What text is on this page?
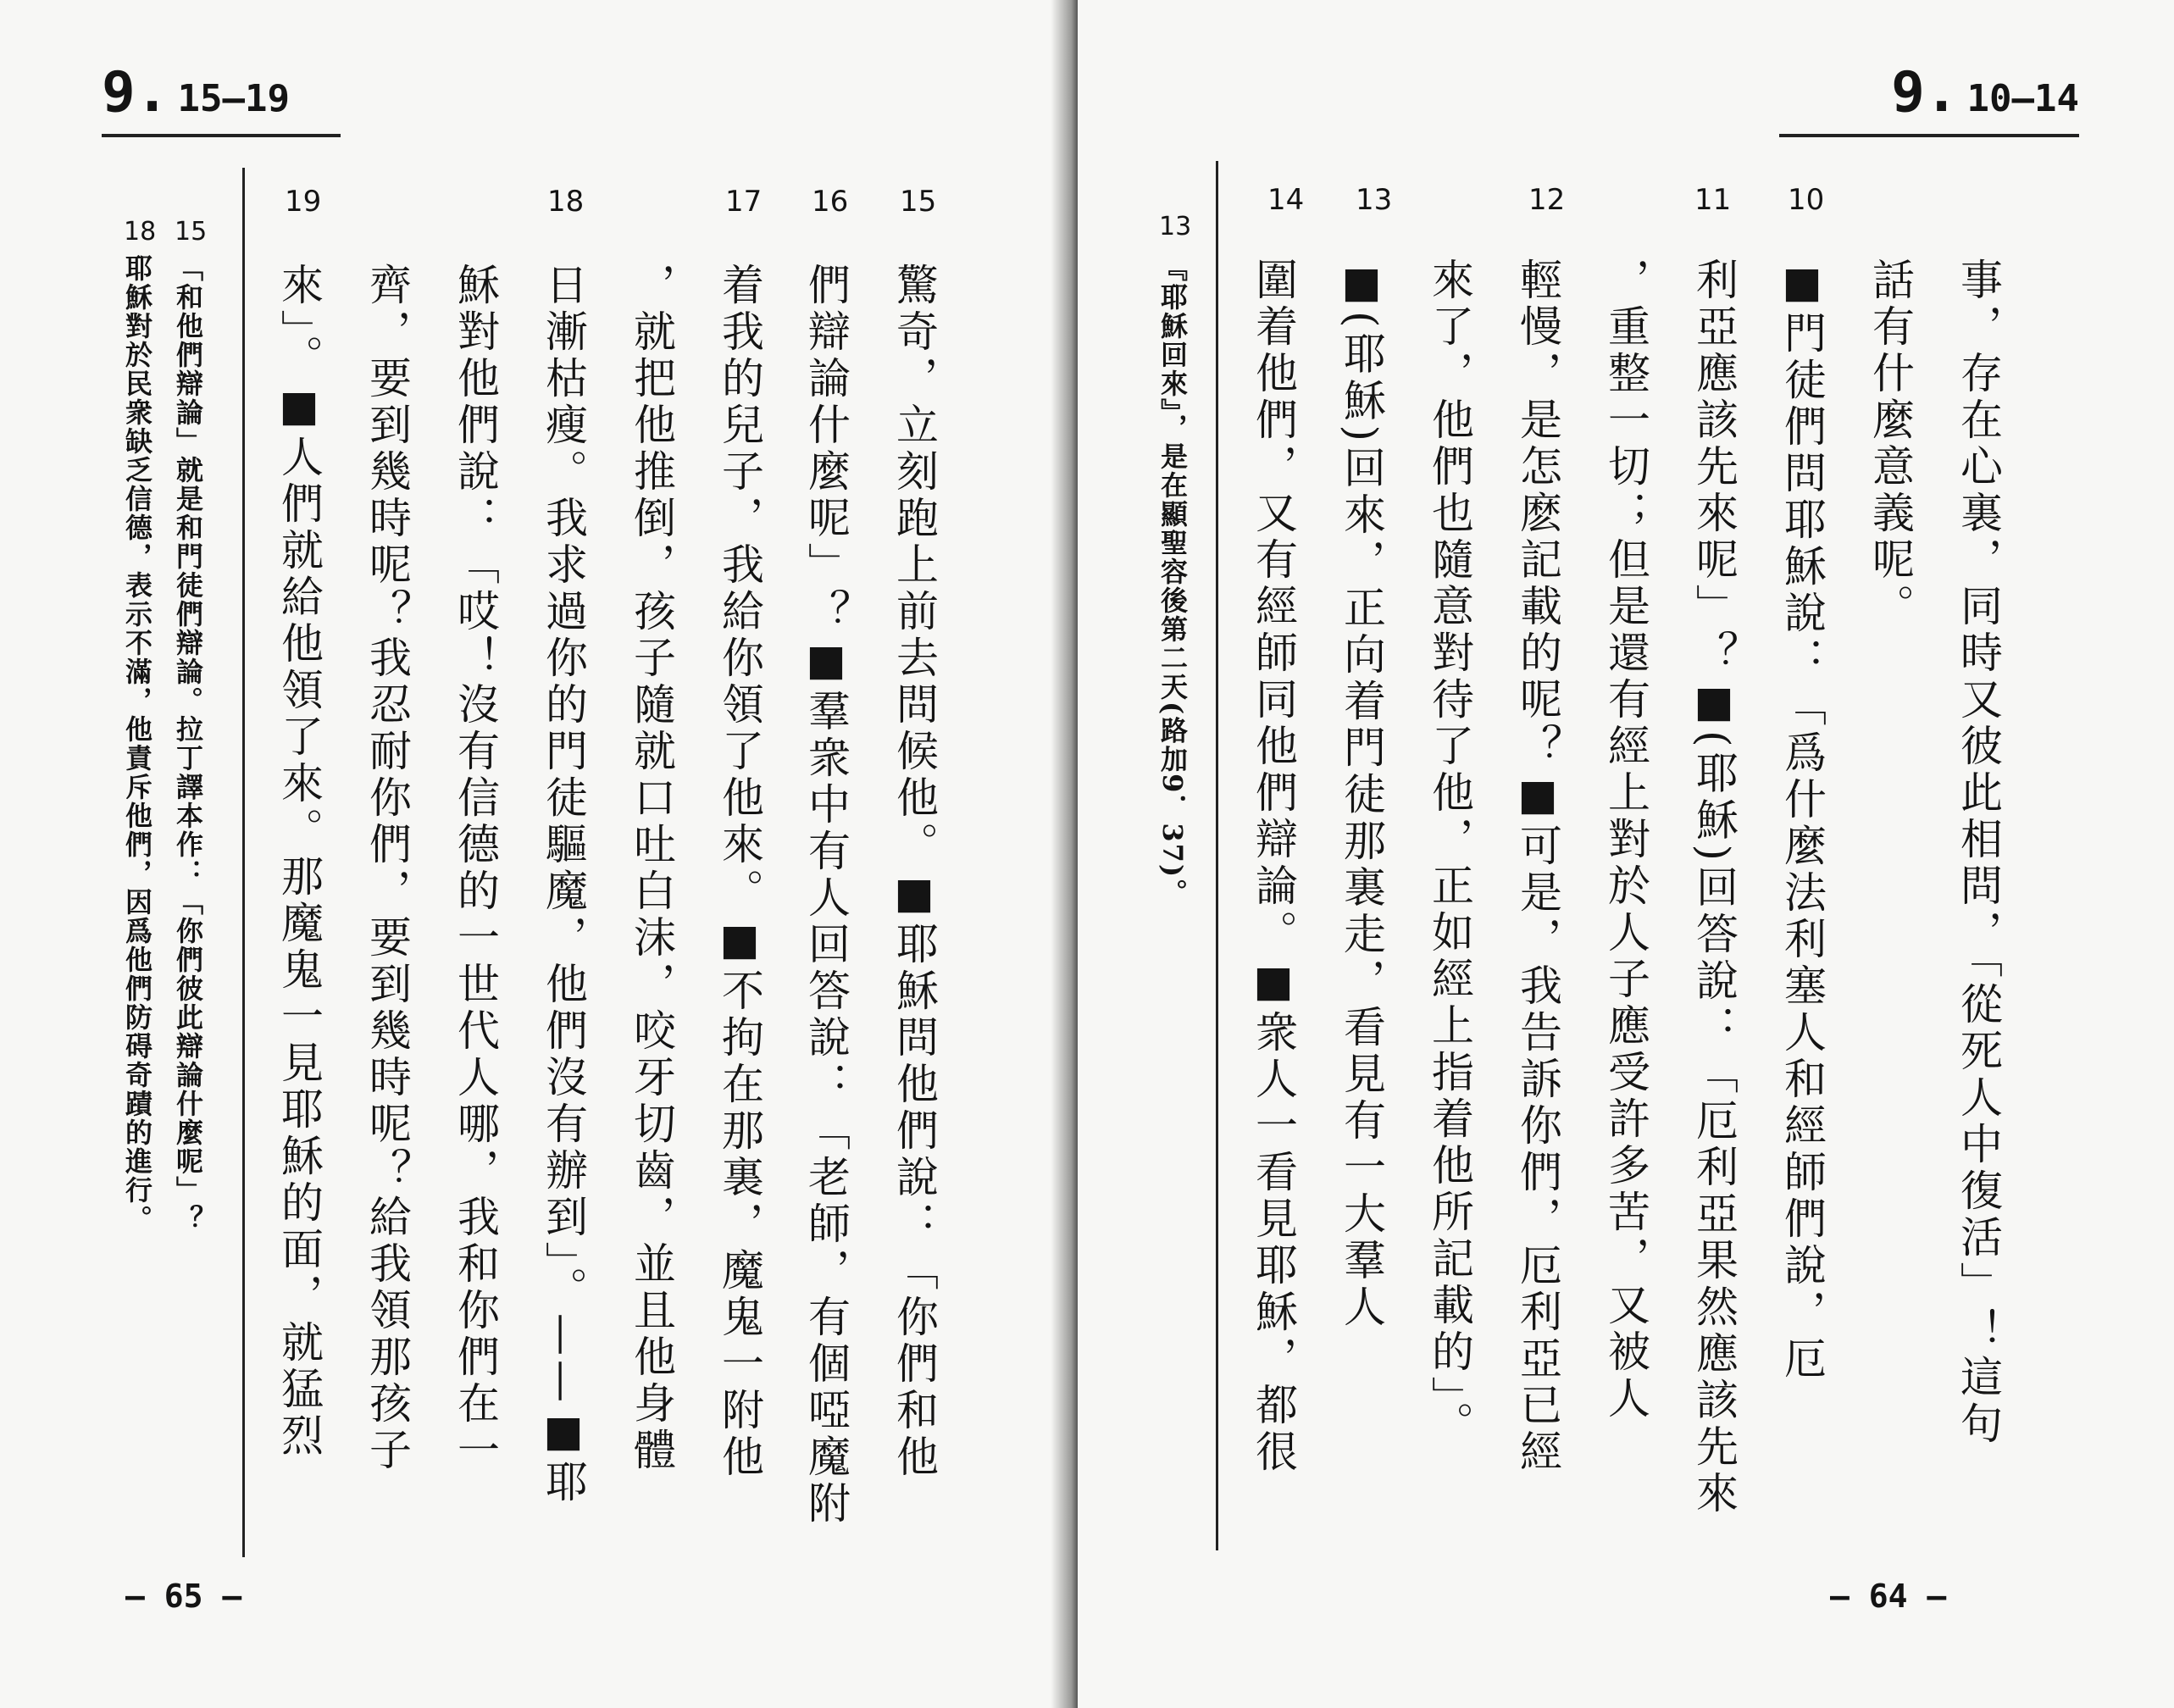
9. 15—19
15
16
17
18
19
驚奇，立刻跑上前去問候他。■耶穌問他們說：「你們和他
們辯論什麼呢」？■羣衆中有人回答說：「老師，有個啞魔附
着我的兒子，我給你領了他來。■不拘在那裏，魔鬼一附他
，就把他推倒，孩子隨就口吐白沫，咬牙切齒，並且他身體
日漸枯瘦。我求過你的門徒驅魔，他們沒有辦到」。——■耶
穌對他們說：「哎！沒有信德的一世代人哪，我和你們在一
齊，要到幾時呢？我忍耐你們，要到幾時呢？給我領那孩子
來」。■人們就給他領了來。那魔鬼一見耶穌的面，就猛烈
15
18
「和他們辯論」就是和門徒們辯論。拉丁譯本作：「你們彼此辯論什麼呢」？
耶穌對於民衆缺乏信德，表示不滿，他責斥他們，因爲他們防碍奇蹟的進行。
— 65 —
9. 10—14
10
11
12
13
14
事，存在心裏，同時又彼此相問，「從死人中復活」！這句
話有什麼意義呢。
■門徒們問耶穌說：「爲什麼法利塞人和經師們說，厄
利亞應該先來呢」？■(耶穌)回答說：「厄利亞果然應該先來
，重整一切；但是還有經上對於人子應受許多苦，又被人
輕慢，是怎麽記載的呢？■可是，我告訴你們，厄利亞已經
來了，他們也隨意對待了他，正如經上指着他所記載的」。
■(耶穌)回來，正向着門徒那裏走，看見有一大羣人
圍着他們，又有經師同他們辯論。■衆人一看見耶穌，都很
13
『耶穌回來』，是在顯聖容後第二天(路加9．37)。
— 64 —
